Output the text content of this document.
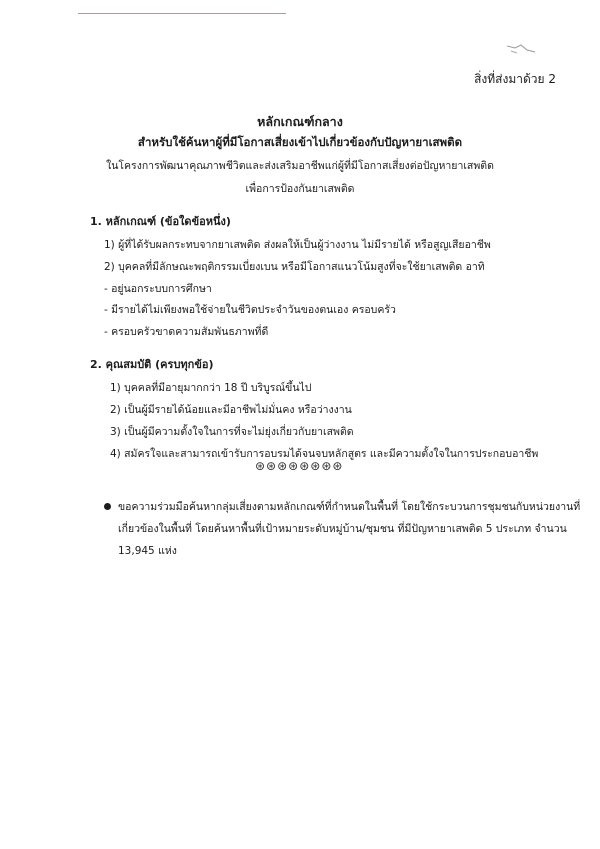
สิ่งที่ส่งมาด้วย 2
หลักเกณฑ์กลาง
สำหรับใช้ค้นหาผู้ที่มีโอกาสเสี่ยงเข้าไปเกี่ยวข้องกับปัญหายาเสพติด
ในโครงการพัฒนาคุณภาพชีวิตและส่งเสริมอาชีพแก่ผู้ที่มีโอกาสเสี่ยงต่อปัญหายาเสพติด
เพื่อการป้องกันยาเสพติด
1. หลักเกณฑ์ (ข้อใดข้อหนึ่ง)
1) ผู้ที่ได้รับผลกระทบจากยาเสพติด ส่งผลให้เป็นผู้ว่างงาน ไม่มีรายได้ หรือสูญเสียอาชีพ
2) บุคคลที่มีลักษณะพฤติกรรมเบี่ยงเบน หรือมีโอกาสแนวโน้มสูงที่จะใช้ยาเสพติด อาทิ
- อยู่นอกระบบการศึกษา
- มีรายได้ไม่เพียงพอใช้จ่ายในชีวิตประจำวันของตนเอง ครอบครัว
- ครอบครัวขาดความสัมพันธภาพที่ดี
2. คุณสมบัติ (ครบทุกข้อ)
1) บุคคลที่มีอายุมากกว่า 18 ปี บริบูรณ์ขึ้นไป
2) เป็นผู้มีรายได้น้อยและมีอาชีพไม่มั่นคง หรือว่างงาน
3) เป็นผู้มีความตั้งใจในการที่จะไม่ยุ่งเกี่ยวกับยาเสพติด
4) สมัครใจและสามารถเข้ารับการอบรมได้จนจบหลักสูตร และมีความตั้งใจในการประกอบอาชีพ
⊛⊛⊛⊛⊛⊛⊛⊛
ขอความร่วมมือค้นหากลุ่มเสี่ยงตามหลักเกณฑ์ที่กำหนดในพื้นที่ โดยใช้กระบวนการชุมชนกับหน่วยงานที่
เกี่ยวข้องในพื้นที่ โดยค้นหาพื้นที่เป้าหมายระดับหมู่บ้าน/ชุมชน ที่มีปัญหายาเสพติด 5 ประเภท จำนวน
13,945 แห่ง
